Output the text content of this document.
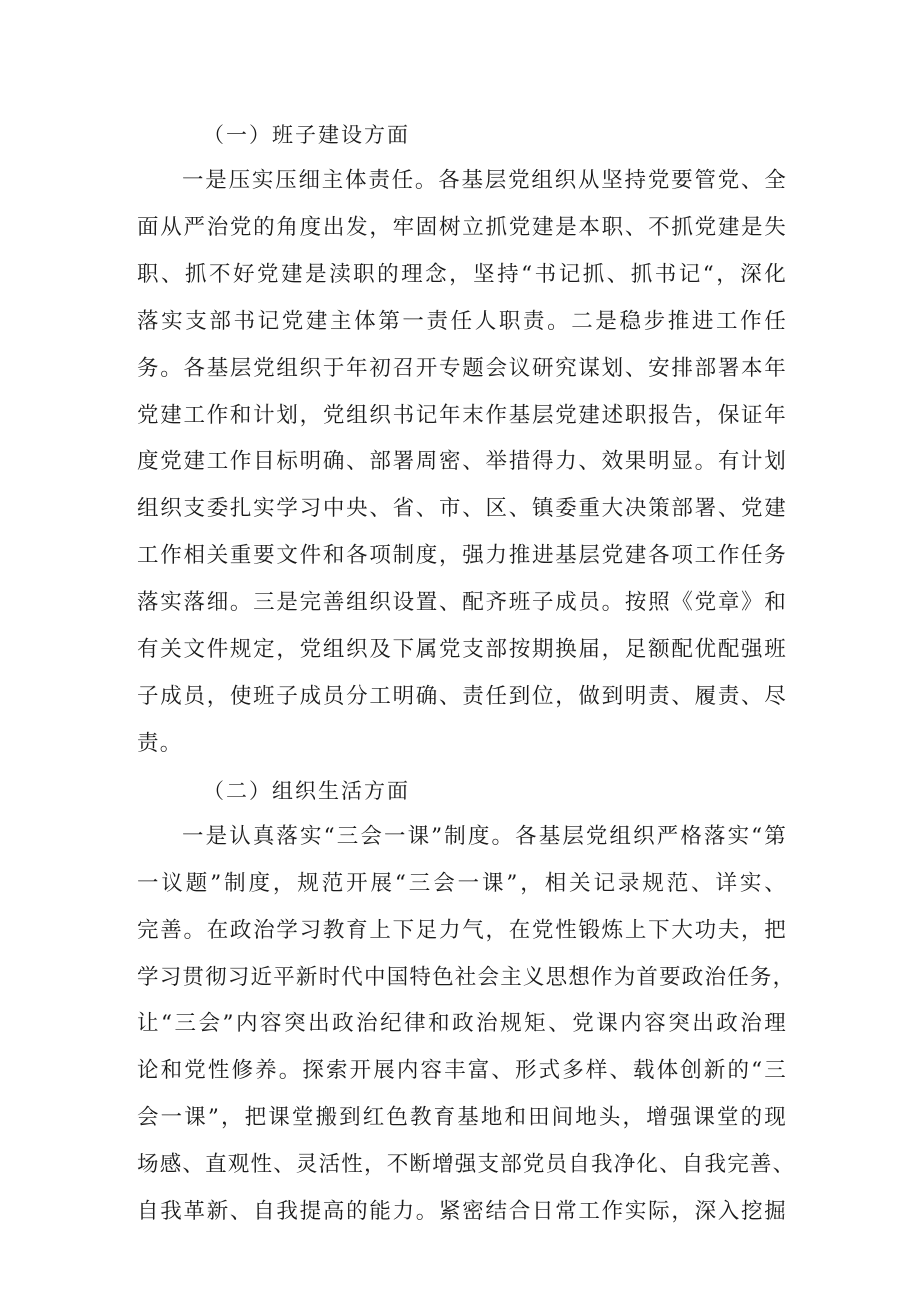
（一）班子建设方面
一是压实压细主体责任。各基层党组织从坚持党要管党、全
面从严治党的角度出发，牢固树立抓党建是本职、不抓党建是失
职、抓不好党建是渎职的理念，坚持“书记抓、抓书记“，深化
落实支部书记党建主体第一责任人职责。二是稳步推进工作任
务。各基层党组织于年初召开专题会议研究谋划、安排部署本年
党建工作和计划，党组织书记年末作基层党建述职报告，保证年
度党建工作目标明确、部署周密、举措得力、效果明显。有计划
组织支委扎实学习中央、省、市、区、镇委重大决策部署、党建
工作相关重要文件和各项制度，强力推进基层党建各项工作任务
落实落细。三是完善组织设置、配齐班子成员。按照《党章》和
有关文件规定，党组织及下属党支部按期换届，足额配优配强班
子成员，使班子成员分工明确、责任到位，做到明责、履责、尽
责。
（二）组织生活方面
一是认真落实“三会一课”制度。各基层党组织严格落实“第
一议题”制度，规范开展“三会一课”，相关记录规范、详实、
完善。在政治学习教育上下足力气，在党性锻炼上下大功夫，把
学习贯彻习近平新时代中国特色社会主义思想作为首要政治任务，
让“三会”内容突出政治纪律和政治规矩、党课内容突出政治理
论和党性修养。探索开展内容丰富、形式多样、载体创新的“三
会一课”，把课堂搬到红色教育基地和田间地头，增强课堂的现
场感、直观性、灵活性，不断增强支部党员自我净化、自我完善、
自我革新、自我提高的能力。紧密结合日常工作实际，深入挖掘
